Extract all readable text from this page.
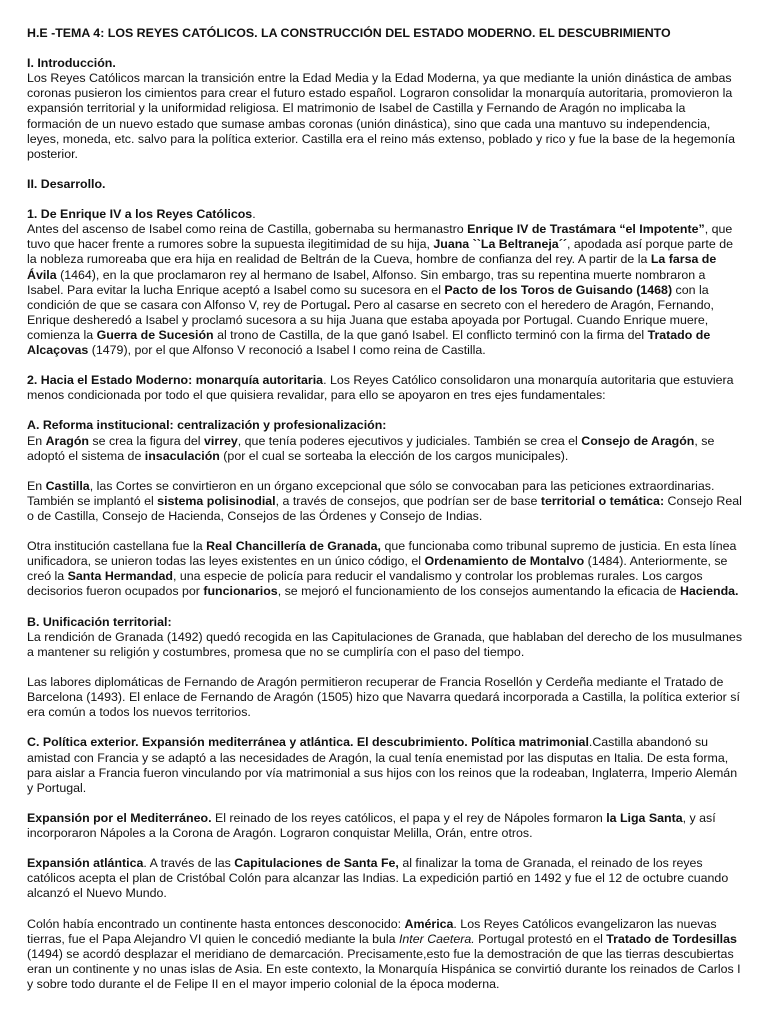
H.E -TEMA 4: LOS REYES CATÓLICOS. LA CONSTRUCCIÓN DEL ESTADO MODERNO. EL DESCUBRIMIENTO
I. Introducción.

Los Reyes Católicos marcan la transición entre la Edad Media y la Edad Moderna, ya que mediante la unión dinástica de ambas coronas pusieron los cimientos para crear el futuro estado español. Lograron consolidar la monarquía autoritaria, promovieron la expansión territorial y la uniformidad religiosa. El matrimonio de Isabel de Castilla y Fernando de Aragón no implicaba la formación de un nuevo estado que sumase ambas coronas (unión dinástica), sino que cada una mantuvo su independencia, leyes, moneda, etc. salvo para la política exterior. Castilla era el reino más extenso, poblado y rico y fue la base de la hegemonía posterior.

II. Desarrollo.
1. De Enrique IV a los Reyes Católicos.

Antes del ascenso de Isabel como reina de Castilla, gobernaba su hermanastro Enrique IV de Trastámara “el Impotente”, que tuvo que hacer frente a rumores sobre la supuesta ilegitimidad de su hija, Juana ``La Beltraneja´´, apodada así porque parte de la nobleza rumoreaba que era hija en realidad de Beltrán de la Cueva, hombre de confianza del rey. A partir de la La farsa de Ávila (1464), en la que proclamaron rey al hermano de Isabel, Alfonso. Sin embargo, tras su repentina muerte nombraron a Isabel. Para evitar la lucha Enrique aceptó a Isabel como su sucesora en el Pacto de los Toros de Guisando (1468) con la condición de que se casara con Alfonso V, rey de Portugal. Pero al casarse en secreto con el heredero de Aragón, Fernando, Enrique desheredó a Isabel y proclamó sucesora a su hija Juana que estaba apoyada por Portugal. Cuando Enrique muere, comienza la Guerra de Sucesión al trono de Castilla, de la que ganó Isabel. El conflicto terminó con la firma del Tratado de Alcaçovas (1479), por el que Alfonso V reconoció a Isabel I como reina de Castilla.

2. Hacia el Estado Moderno: monarquía autoritaria. Los Reyes Católico consolidaron una monarquía autoritaria que estuviera menos condicionada por todo el que quisiera revalidar, para ello se apoyaron en tres ejes fundamentales:

A. Reforma institucional: centralización y profesionalización:

En Aragón se crea la figura del virrey, que tenía poderes ejecutivos y judiciales. También se crea el Consejo de Aragón, se adoptó el sistema de insaculación (por el cual se sorteaba la elección de los cargos municipales).

En Castilla, las Cortes se convirtieron en un órgano excepcional que sólo se convocaban para las peticiones extraordinarias. También se implantó el sistema polisinodial, a través de consejos, que podrían ser de base territorial o temática: Consejo Real o de Castilla, Consejo de Hacienda, Consejos de las Órdenes y Consejo de Indias.

Otra institución castellana fue la Real Chancillería de Granada, que funcionaba como tribunal supremo de justicia. En esta línea unificadora, se unieron todas las leyes existentes en un único código, el Ordenamiento de Montalvo (1484). Anteriormente, se creó la Santa Hermandad, una especie de policía para reducir el vandalismo y controlar los problemas rurales. Los cargos decisorios fueron ocupados por funcionarios, se mejoró el funcionamiento de los consejos aumentando la eficacia de Hacienda.

B. Unificación territorial:

La rendición de Granada (1492) quedó recogida en las Capitulaciones de Granada, que hablaban del derecho de los musulmanes a mantener su religión y costumbres, promesa que no se cumpliría con el paso del tiempo.

Las labores diplomáticas de Fernando de Aragón permitieron recuperar de Francia Rosellón y Cerdeña mediante el Tratado de Barcelona (1493). El enlace de Fernando de Aragón (1505) hizo que Navarra quedará incorporada a Castilla, la política exterior sí era común a todos los nuevos territorios.

C. Política exterior. Expansión mediterránea y atlántica. El descubrimiento. Política matrimonial.Castilla abandonó su amistad con Francia y se adaptó a las necesidades de Aragón, la cual tenía enemistad por las disputas en Italia. De esta forma, para aislar a Francia fueron vinculando por vía matrimonial a sus hijos con los reinos que la rodeaban, Inglaterra, Imperio Alemán y Portugal.

Expansión por el Mediterráneo. El reinado de los reyes católicos, el papa y el rey de Nápoles formaron la Liga Santa, y así incorporaron Nápoles a la Corona de Aragón. Lograron conquistar Melilla, Orán, entre otros.

Expansión atlántica. A través de las Capitulaciones de Santa Fe, al finalizar la toma de Granada, el reinado de los reyes católicos acepta el plan de Cristóbal Colón para alcanzar las Indias. La expedición partió en 1492 y fue el 12 de octubre cuando alcanzó el Nuevo Mundo.

Colón había encontrado un continente hasta entonces desconocido: América. Los Reyes Católicos evangelizaron las nuevas tierras, fue el Papa Alejandro VI quien le concedió mediante la bula Inter Caetera. Portugal protestó en el Tratado de Tordesillas (1494) se acordó desplazar el meridiano de demarcación. Precisamente,esto fue la demostración de que las tierras descubiertas eran un continente y no unas islas de Asia. En este contexto, la Monarquía Hispánica se convirtió durante los reinados de Carlos I y sobre todo durante el de Felipe II en el mayor imperio colonial de la época moderna.
